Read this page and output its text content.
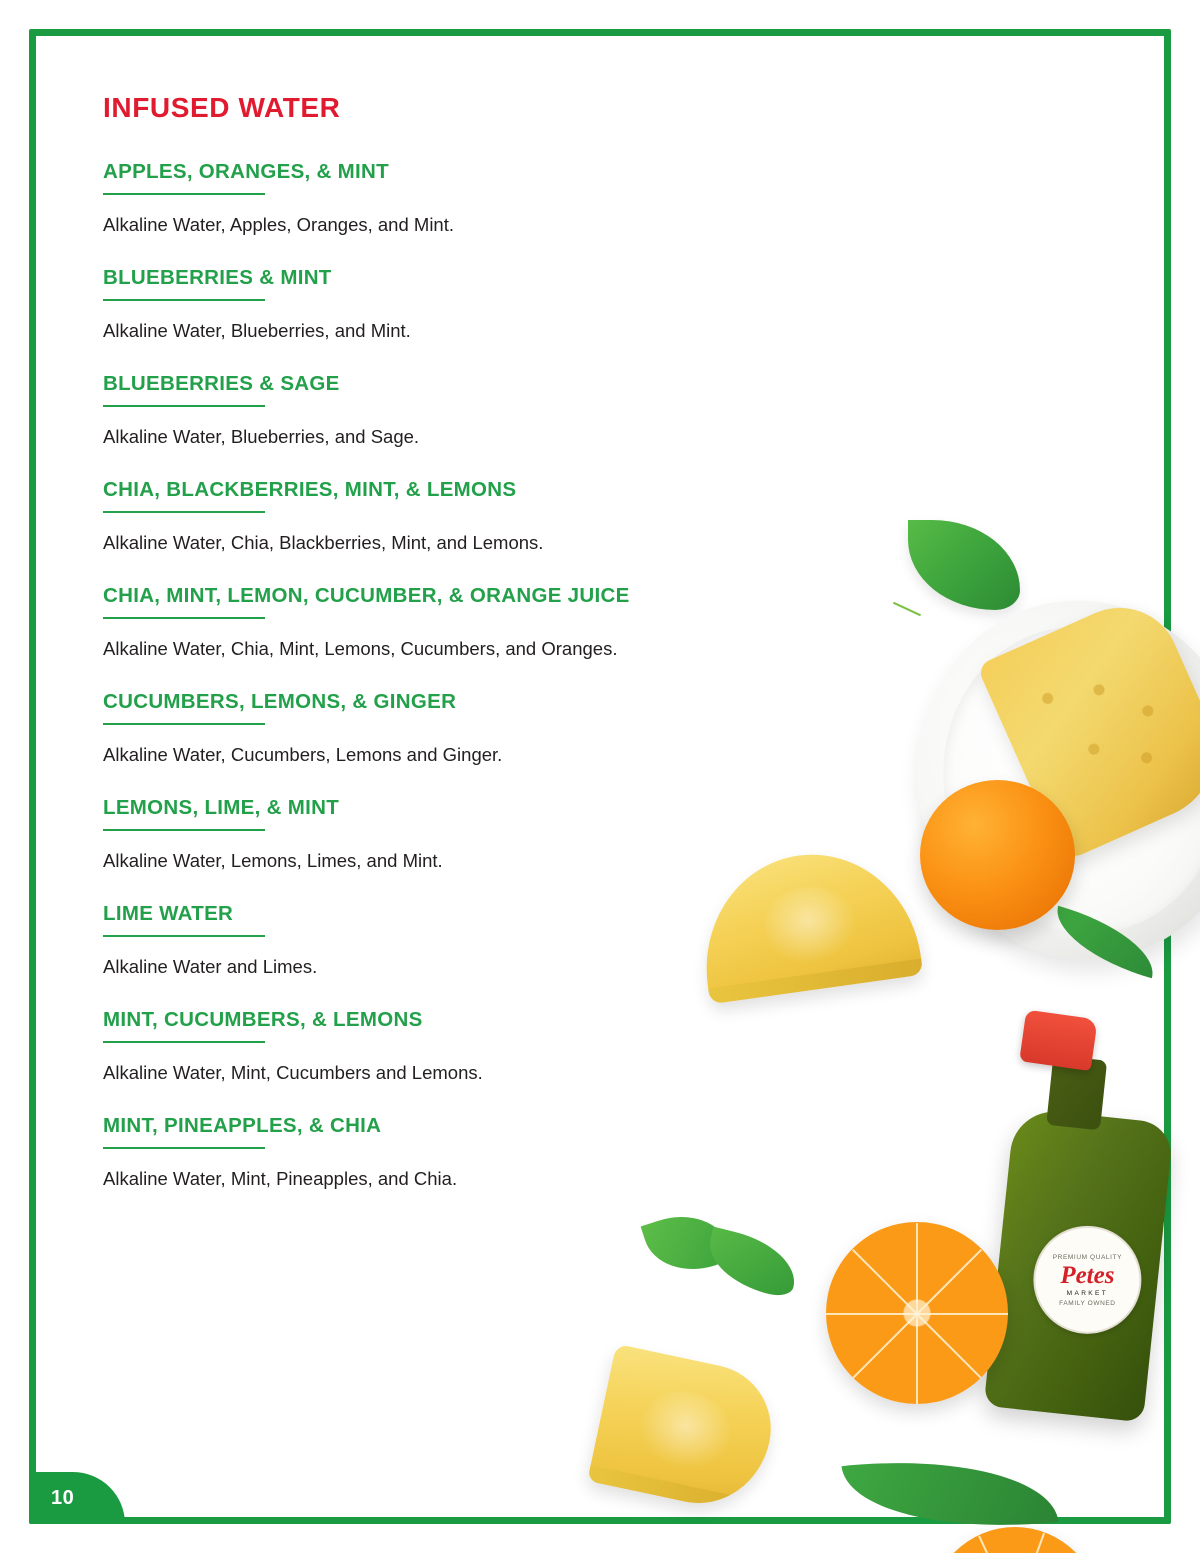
INFUSED WATER
APPLES, ORANGES, & MINT

Alkaline Water, Apples, Oranges, and Mint.

BLUEBERRIES & MINT

Alkaline Water, Blueberries, and Mint.

BLUEBERRIES & SAGE

Alkaline Water, Blueberries, and Sage.

CHIA, BLACKBERRIES, MINT, & LEMONS

Alkaline Water, Chia, Blackberries, Mint, and Lemons.

CHIA, MINT, LEMON, CUCUMBER, & ORANGE JUICE

Alkaline Water, Chia, Mint, Lemons, Cucumbers, and Oranges.

CUCUMBERS, LEMONS, & GINGER

Alkaline Water, Cucumbers, Lemons and Ginger.

LEMONS, LIME, & MINT

Alkaline Water, Lemons, Limes, and Mint.

LIME WATER

Alkaline Water and Limes.

MINT, CUCUMBERS, & LEMONS

Alkaline Water, Mint, Cucumbers and Lemons.

MINT, PINEAPPLES, & CHIA

Alkaline Water, Mint, Pineapples, and Chia.

PREMIUM QUALITY
Petes
MARKET
FAMILY OWNED
10
